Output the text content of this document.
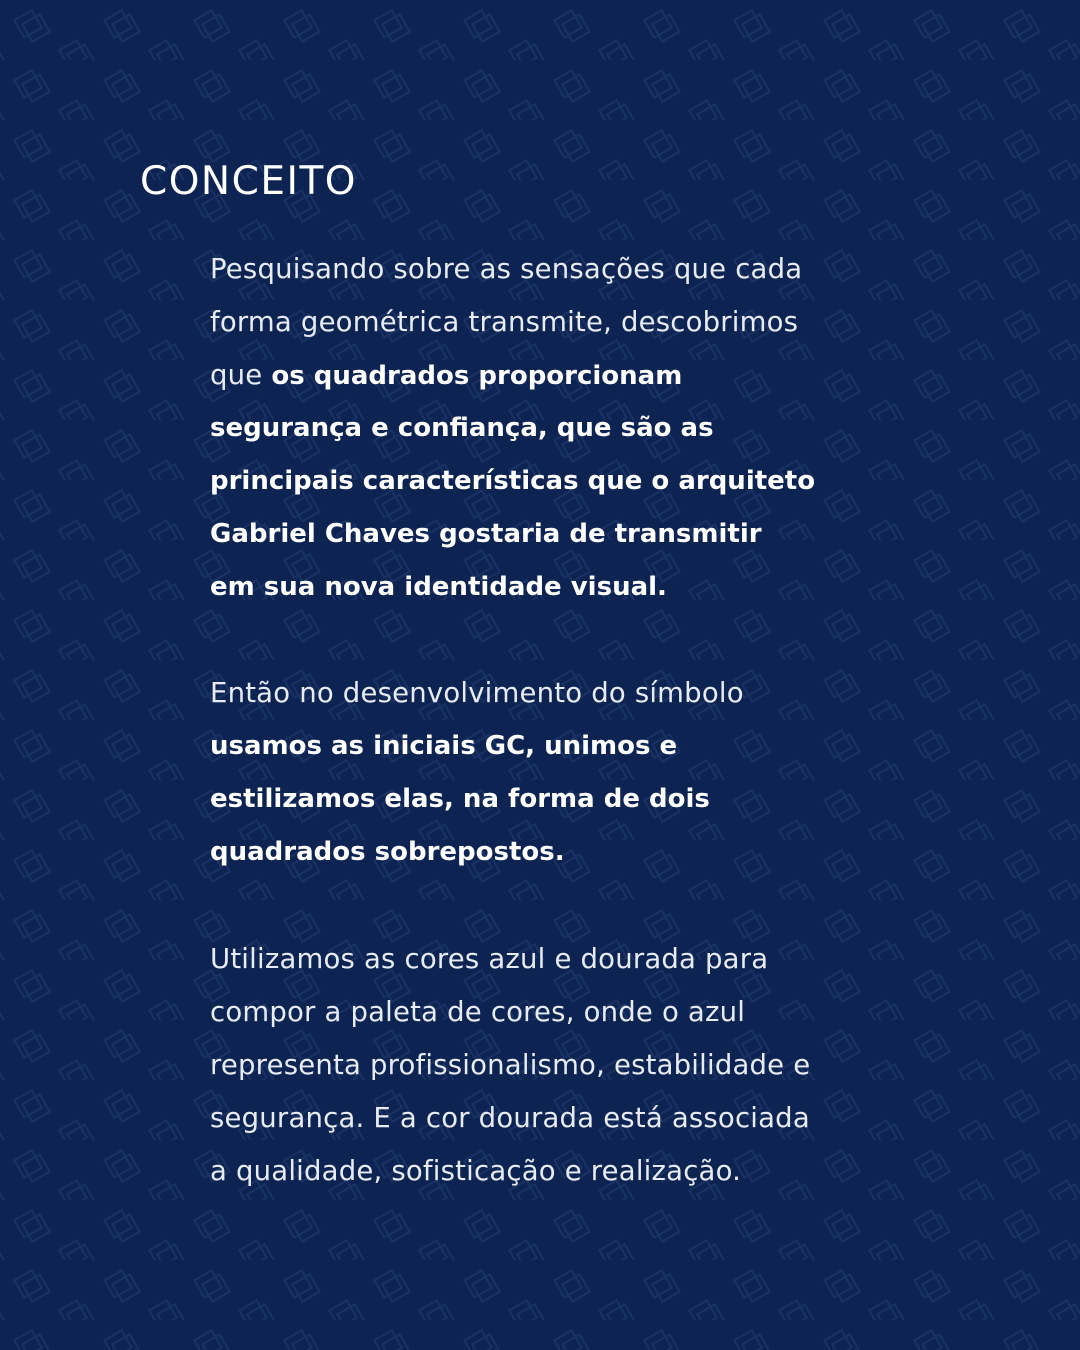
CONCEITO

Pesquisando sobre as sensações que cada
forma geométrica transmite, descobrimos
que os quadrados proporcionam
segurança e confiança, que são as
principais características que o arquiteto
Gabriel Chaves gostaria de transmitir
em sua nova identidade visual.

Então no desenvolvimento do símbolo
usamos as iniciais GC, unimos e
estilizamos elas, na forma de dois
quadrados sobrepostos.

Utilizamos as cores azul e dourada para
compor a paleta de cores, onde o azul
representa profissionalismo, estabilidade e
segurança. E a cor dourada está associada
a qualidade, sofisticação e realização.
